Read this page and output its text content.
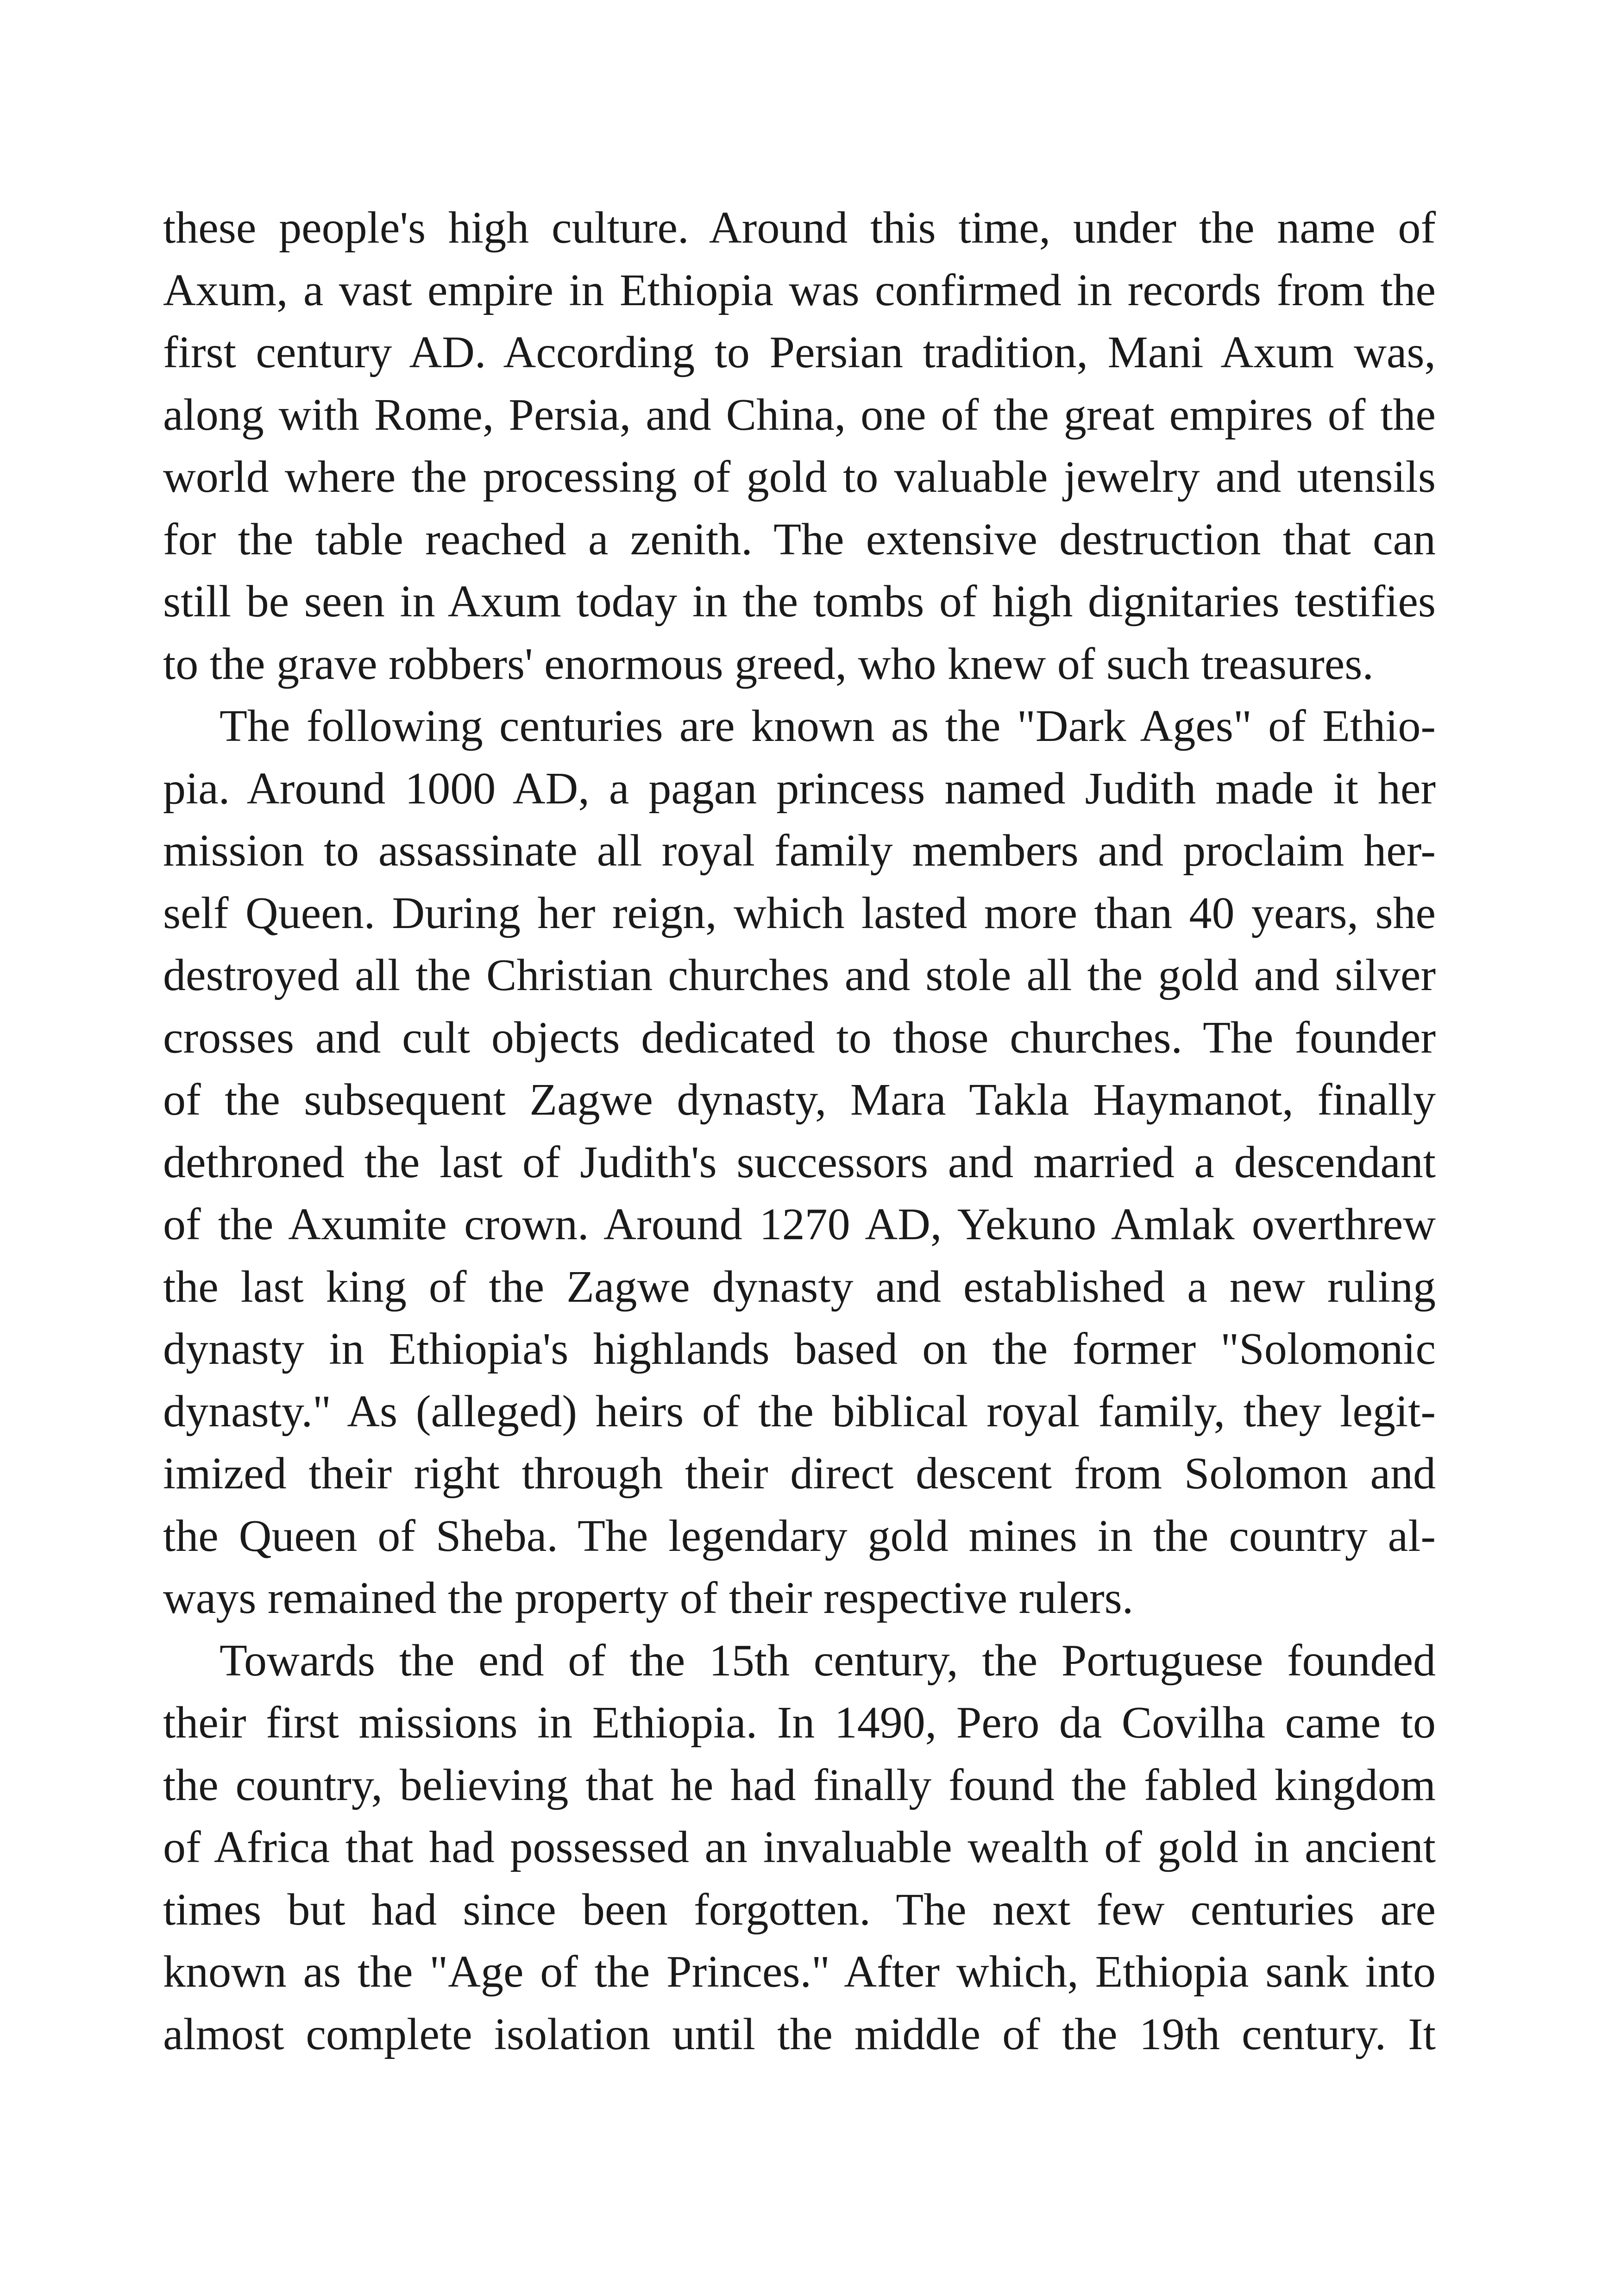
these people's high culture. Around this time, under the name of
Axum, a vast empire in Ethiopia was confirmed in records from the
first century AD. According to Persian tradition, Mani Axum was,
along with Rome, Persia, and China, one of the great empires of the
world where the processing of gold to valuable jewelry and utensils
for the table reached a zenith. The extensive destruction that can
still be seen in Axum today in the tombs of high dignitaries testifies
to the grave robbers' enormous greed, who knew of such treasures.
The following centuries are known as the "Dark Ages" of Ethio-
pia. Around 1000 AD, a pagan princess named Judith made it her
mission to assassinate all royal family members and proclaim her-
self Queen. During her reign, which lasted more than 40 years, she
destroyed all the Christian churches and stole all the gold and silver
crosses and cult objects dedicated to those churches. The founder
of the subsequent Zagwe dynasty, Mara Takla Haymanot, finally
dethroned the last of Judith's successors and married a descendant
of the Axumite crown. Around 1270 AD, Yekuno Amlak overthrew
the last king of the Zagwe dynasty and established a new ruling
dynasty in Ethiopia's highlands based on the former "Solomonic
dynasty." As (alleged) heirs of the biblical royal family, they legit-
imized their right through their direct descent from Solomon and
the Queen of Sheba. The legendary gold mines in the country al-
ways remained the property of their respective rulers.
Towards the end of the 15th century, the Portuguese founded
their first missions in Ethiopia. In 1490, Pero da Covilha came to
the country, believing that he had finally found the fabled kingdom
of Africa that had possessed an invaluable wealth of gold in ancient
times but had since been forgotten. The next few centuries are
known as the "Age of the Princes." After which, Ethiopia sank into
almost complete isolation until the middle of the 19th century. It
